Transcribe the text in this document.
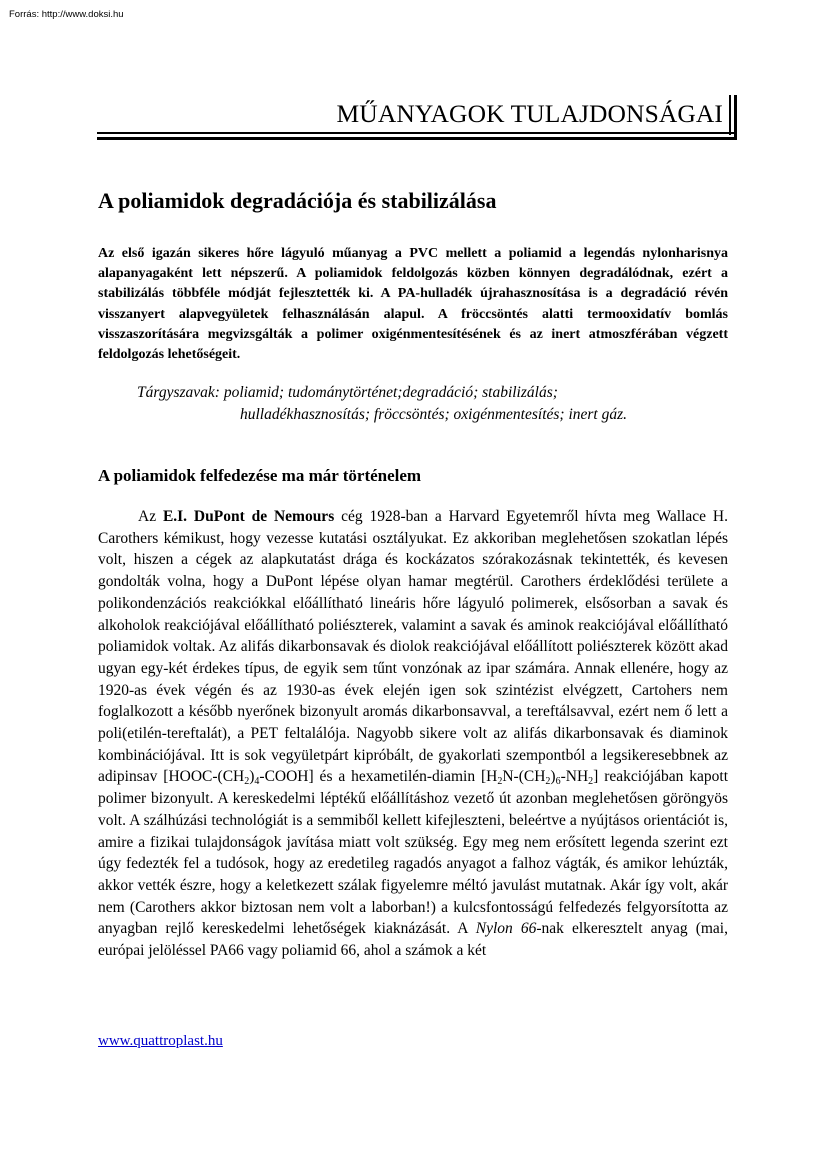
Forrás: http://www.doksi.hu
MŰANYAGOK TULAJDONSÁGAI
A poliamidok degradációja és stabilizálása

Az első igazán sikeres hőre lágyuló műanyag a PVC mellett a poliamid a legendás nylonharisnya alapanyagaként lett népszerű. A poliamidok feldolgozás közben könnyen degradálódnak, ezért a stabilizálás többféle módját fejlesztették ki. A PA-hulladék újrahasznosítása is a degradáció révén visszanyert alapvegyületek felhasználásán alapul. A fröccsöntés alatti termooxidatív bomlás visszaszorítására megvizsgálták a polimer oxigénmentesítésének és az inert atmoszférában végzett feldolgozás lehetőségeit.

Tárgyszavak: poliamid; tudománytörténet;degradáció; stabilizálás;
hulladékhasznosítás; fröccsöntés; oxigénmentesítés; inert gáz.
A poliamidok felfedezése ma már történelem

Az E.I. DuPont de Nemours cég 1928-ban a Harvard Egyetemről hívta meg Wallace H. Carothers kémikust, hogy vezesse kutatási osztályukat. Ez akkoriban meglehetősen szokatlan lépés volt, hiszen a cégek az alapkutatást drága és kockázatos szórakozásnak tekintették, és kevesen gondolták volna, hogy a DuPont lépése olyan hamar megtérül. Carothers érdeklődési területe a polikondenzációs reakciókkal előállítható lineáris hőre lágyuló polimerek, elsősorban a savak és alkoholok reakciójával előállítható poliészterek, valamint a savak és aminok reakciójával előállítható poliamidok voltak. Az alifás dikarbonsavak és diolok reakciójával előállított poliészterek között akad ugyan egy-két érdekes típus, de egyik sem tűnt vonzónak az ipar számára. Annak ellenére, hogy az 1920-as évek végén és az 1930-as évek elején igen sok szintézist elvégzett, Cartohers nem foglalkozott a később nyerőnek bizonyult aromás dikarbonsavval, a tereftálsavval, ezért nem ő lett a poli(etilén-tereftalát), a PET feltalálója. Nagyobb sikere volt az alifás dikarbonsavak és diaminok kombinációjával. Itt is sok vegyületpárt kipróbált, de gyakorlati szempontból a legsikeresebbnek az adipinsav $[HOOC-(CH_2)_4-COOH]$ és a hexametilén-diamin $[H_2N-(CH_2)_6-NH_2]$ reakciójában kapott polimer bizonyult. A kereskedelmi léptékű előállításhoz vezető út azonban meglehetősen göröngyös volt. A szálhúzási technológiát is a semmiből kellett kifejleszteni, beleértve a nyújtásos orientációt is, amire a fizikai tulajdonságok javítása miatt volt szükség. Egy meg nem erősített legenda szerint ezt úgy fedezték fel a tudósok, hogy az eredetileg ragadós anyagot a falhoz vágták, és amikor lehúzták, akkor vették észre, hogy a keletkezett szálak figyelemre méltó javulást mutatnak. Akár így volt, akár nem (Carothers akkor biztosan nem volt a laborban!) a kulcsfontosságú felfedezés felgyorsította az anyagban rejlő kereskedelmi lehetőségek kiaknázását. A Nylon 66-nak elkeresztelt anyag (mai, európai jelöléssel PA66 vagy poliamid 66, ahol a számok a két

www.quattroplast.hu
